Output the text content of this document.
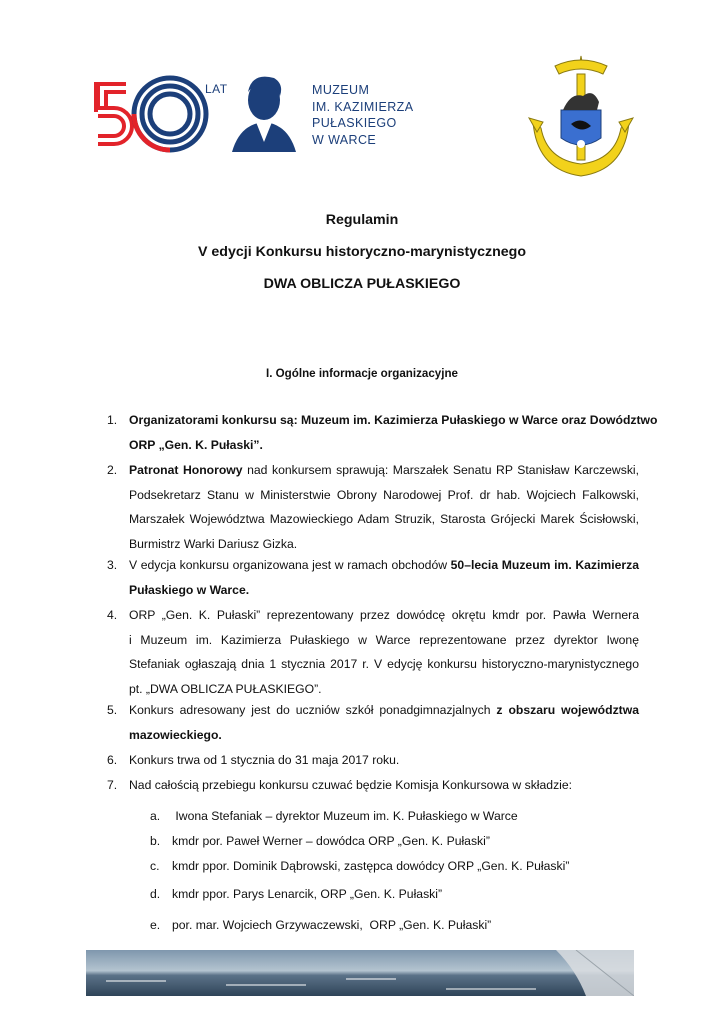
LAT	MUZEUM
IM. KAZIMIERZA
PUŁASKIEGO
W WARCE
Regulamin
V edycji Konkursu historyczno-marynistycznego
DWA OBLICZA PUŁASKIEGO
I. Ogólne informacje organizacyjne
1. Organizatorami konkursu są: Muzeum im. Kazimierza Pułaskiego w Warce oraz Dowództwo
ORP „Gen. K. Pułaski”.
2. Patronat Honorowy nad konkursem sprawują: Marszałek Senatu RP Stanisław Karczewski,
Podsekretarz Stanu w Ministerstwie Obrony Narodowej Prof. dr hab. Wojciech Falkowski,
Marszałek Województwa Mazowieckiego Adam Struzik, Starosta Grójecki Marek Ścisłowski,
Burmistrz Warki Dariusz Gizka.
3. V edycja konkursu organizowana jest w ramach obchodów 50–lecia Muzeum im. Kazimierza
Pułaskiego w Warce.
4. ORP „Gen. K. Pułaski” reprezentowany przez dowódcę okrętu kmdr por. Pawła Wernera
i Muzeum im. Kazimierza Pułaskiego w Warce reprezentowane przez dyrektor Iwonę
Stefaniak ogłaszają dnia 1 stycznia 2017 r. V edycję konkursu historyczno-marynistycznego
pt. „DWA OBLICZA PUŁASKIEGO”.
5. Konkurs adresowany jest do uczniów szkół ponadgimnazjalnych z obszaru województwa
mazowieckiego.
6. Konkurs trwa od 1 stycznia do 31 maja 2017 roku.
7. Nad całością przebiegu konkursu czuwać będzie Komisja Konkursowa w składzie:
a. Iwona Stefaniak – dyrektor Muzeum im. K. Pułaskiego w Warce
b. kmdr por. Paweł Werner – dowódca ORP „Gen. K. Pułaski”
c. kmdr ppor. Dominik Dąbrowski, zastępca dowódcy ORP „Gen. K. Pułaski”
d. kmdr ppor. Parys Lenarcik, ORP „Gen. K. Pułaski”
e. por. mar. Wojciech Grzywaczewski,  ORP „Gen. K. Pułaski”
